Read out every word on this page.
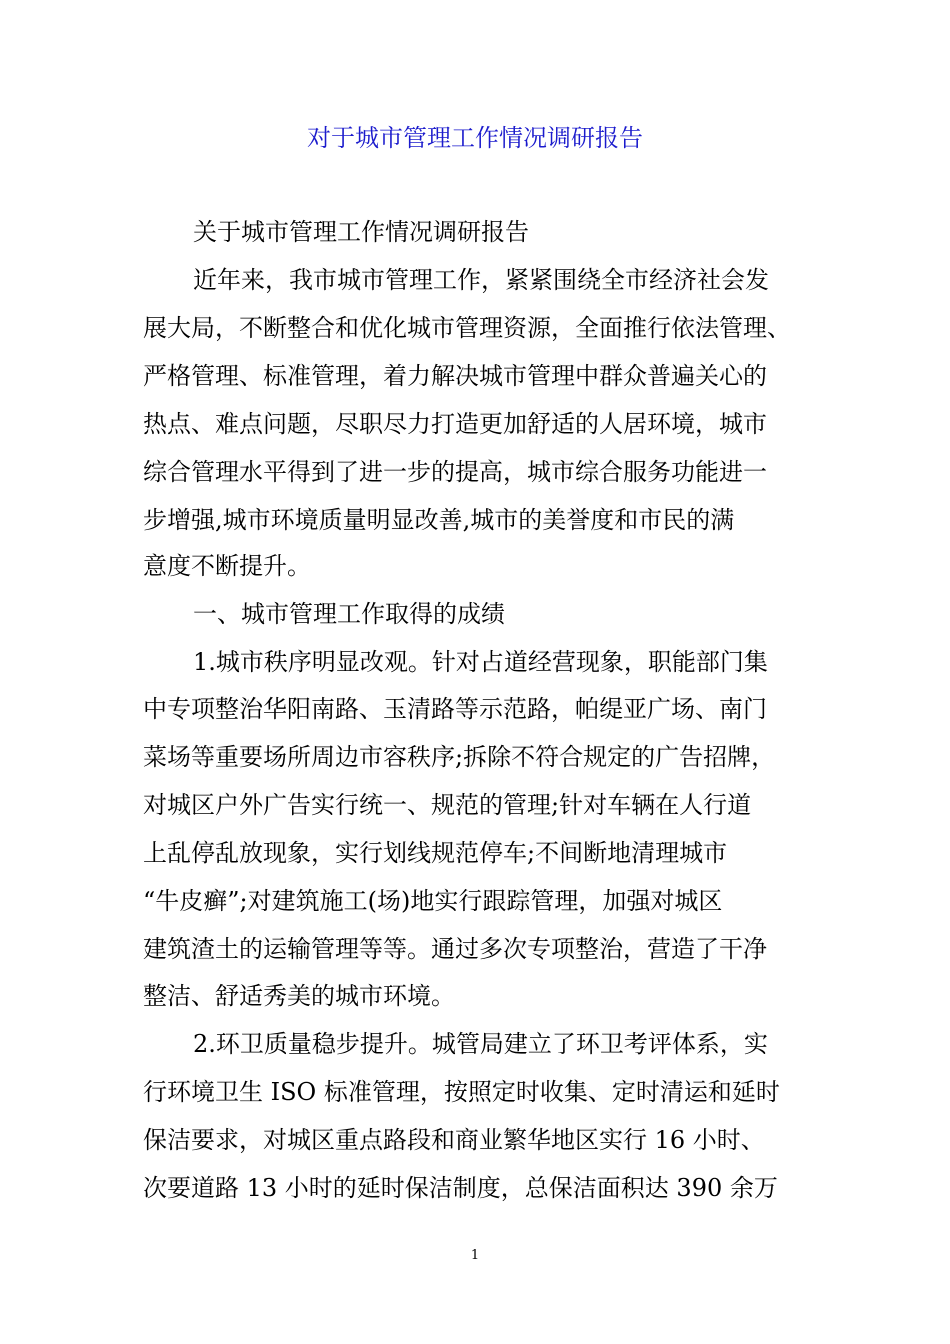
对于城市管理工作情况调研报告
关于城市管理工作情况调研报告
近年来，我市城市管理工作，紧紧围绕全市经济社会发
展大局，不断整合和优化城市管理资源，全面推行依法管理、
严格管理、标准管理，着力解决城市管理中群众普遍关心的
热点、难点问题，尽职尽力打造更加舒适的人居环境，城市
综合管理水平得到了进一步的提高，城市综合服务功能进一
步增强,城市环境质量明显改善,城市的美誉度和市民的满
意度不断提升。
一、城市管理工作取得的成绩
1.城市秩序明显改观。针对占道经营现象，职能部门集
中专项整治华阳南路、玉清路等示范路，帕缇亚广场、南门
菜场等重要场所周边市容秩序;拆除不符合规定的广告招牌，
对城区户外广告实行统一、规范的管理;针对车辆在人行道
上乱停乱放现象，实行划线规范停车;不间断地清理城市
“牛皮癣”;对建筑施工(场)地实行跟踪管理，加强对城区
建筑渣土的运输管理等等。通过多次专项整治，营造了干净
整洁、舒适秀美的城市环境。
2.环卫质量稳步提升。城管局建立了环卫考评体系，实
行环境卫生 ISO 标准管理，按照定时收集、定时清运和延时
保洁要求，对城区重点路段和商业繁华地区实行 16 小时、
次要道路 13 小时的延时保洁制度，总保洁面积达 390 余万
1
